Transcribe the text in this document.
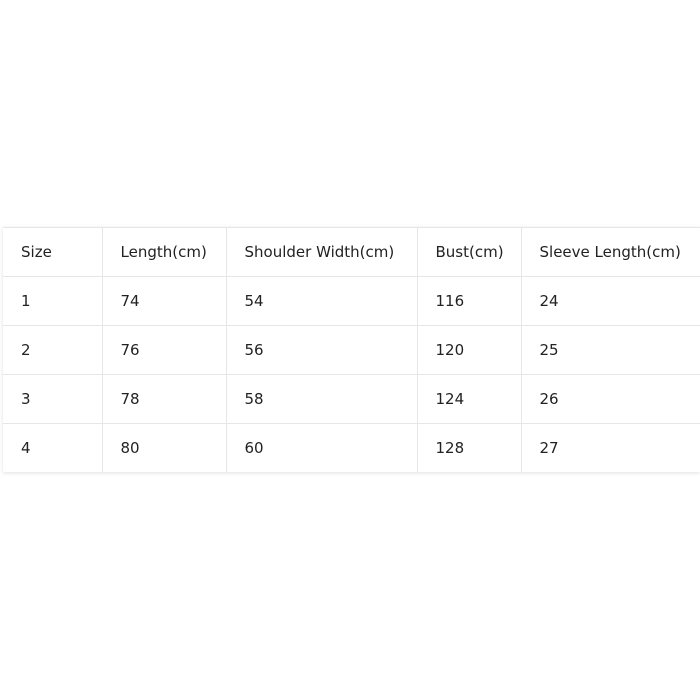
Size	Length(cm)	Shoulder Width(cm)	Bust(cm)	Sleeve Length(cm)
1	74	54	116	24
2	76	56	120	25
3	78	58	124	26
4	80	60	128	27
